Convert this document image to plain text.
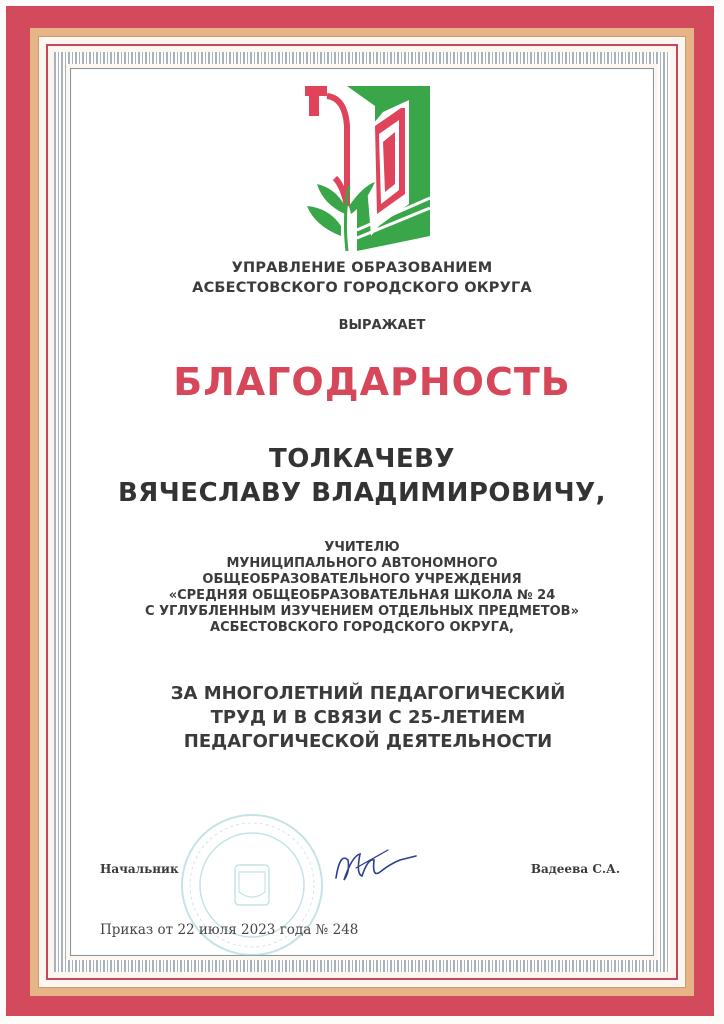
УПРАВЛЕНИЕ ОБРАЗОВАНИЕМ
АСБЕСТОВСКОГО ГОРОДСКОГО ОКРУГА
ВЫРАЖАЕТ
БЛАГОДАРНОСТЬ
ТОЛКАЧЕВУ
ВЯЧЕСЛАВУ ВЛАДИМИРОВИЧУ,
УЧИТЕЛЮ
МУНИЦИПАЛЬНОГО АВТОНОМНОГО
ОБЩЕОБРАЗОВАТЕЛЬНОГО УЧРЕЖДЕНИЯ
«СРЕДНЯЯ ОБЩЕОБРАЗОВАТЕЛЬНАЯ ШКОЛА № 24
С УГЛУБЛЕННЫМ ИЗУЧЕНИЕМ ОТДЕЛЬНЫХ ПРЕДМЕТОВ»
АСБЕСТОВСКОГО ГОРОДСКОГО ОКРУГА,
ЗА МНОГОЛЕТНИЙ ПЕДАГОГИЧЕСКИЙ
ТРУД И В СВЯЗИ С 25-ЛЕТИЕМ
ПЕДАГОГИЧЕСКОЙ ДЕЯТЕЛЬНОСТИ
Начальник	Вадеева С.А.
Приказ от 22 июля 2023 года № 248
